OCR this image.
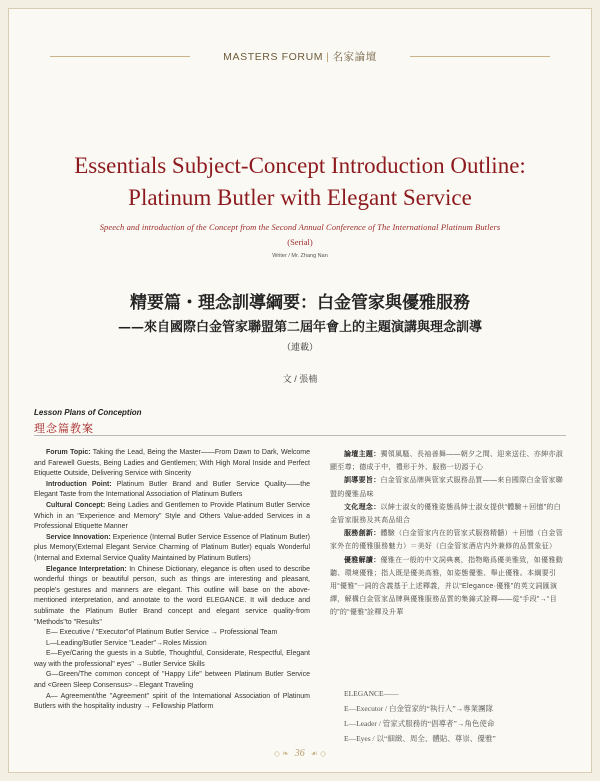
MASTERS FORUM | 名家論壇
Essentials Subject-Concept Introduction Outline:
Platinum Butler with Elegant Service
Speech and introduction of the Concept from the Second Annual Conference of The International Platinum Butlers
(Serial)
Writer / Mr. Zhang Nan
精要篇・理念訓導綱要：白金管家與優雅服務
——來自國際白金管家聯盟第二屆年會上的主題演講與理念訓導
（連載）
文 / 張楠
Lesson Plans of Conception
理念篇教案

Forum Topic: Taking the Lead, Being the Master——From Dawn to Dark, Welcome and Farewell Guests, Being Ladies and Gentlemen; With High Moral Inside and Perfect Etiquette Outside, Delivering Service with Sincerity

Introduction Point: Platinum Butler Brand and Butler Service Quality——the Elegant Taste from the International Association of Platinum Butlers

Cultural Concept: Being Ladies and Gentlemen to Provide Platinum Butler Service Which in an "Experience and Memory" Style and Others Value-added Services in a Professional Etiquette Manner

Service Innovation: Experience (Internal Butler Service Essence of Platinum Butler) plus Memory(External Elegant Service Charming of Platinum Butler) equals Wonderful (Internal and External Service Quality Maintained by Platinum Butlers)

Elegance Interpretation: In Chinese Dictionary, elegance is often used to describe wonderful things or beautiful person, such as things are interesting and pleasant, people's gestures and manners are elegant. This outline will base on the above-mentioned interpretation, and annotate to the word ELEGANCE. It will deduce and sublimate the Platinum Butler Brand concept and elegant service quality-from "Methods"to "Results"

E— Executive / "Executor"of Platinum Butler Service → Professional Team

L—Leading/Butler Service "Leader"→Roles Mission

E—Eye/Caring the guests in a Subtle, Thoughtful, Considerate, Respectful, Elegant way with the professional" eyes" →Butler Service Skills

G—Green/The common concept of "Happy Life" between Platinum Butler Service and <Green Sleep Consensus>→Elegant Traveling

A— Agreement/the "Agreement" spirit of the International Association of Platinum Butlers with the hospitality industry → Fellowship Platform

論壇主題：獨領風騷、長袖善舞——朝夕之間、迎來送往、亦紳亦淑顯至尊；德成于中，禮形于外、服務一切源于心

訓導要旨：白金管家品牌與管家式服務品質——來自國際白金管家聯盟的優雅品味

文化理念：以紳士淑女的優雅姿態爲紳士淑女提供“體驗＋回憶”的白金管家服務及其高品組合

服務創新：體驗（白金管家内在的管家式服務精髓）＋回憶（白金管家外在的優雅服務魅力）＝美好（白金管家酒店内外兼修的品質象征）

優雅解讀：優雅在一般的中文詞典裏，指物略爲優美雅致，如優雅動聽、環境優雅；指人既是優美高雅，如姿態優雅、舉止優雅。本綱要引用“優雅”一詞的含義基于上述釋義，并以“Elegance·優雅”的英文詞匯演繹，解構白金管家品牌與優雅服務品質的集錦式詮釋——從“手段”→“目的”的“優雅”詮釋及升華

ELEGANCE——
E—Executor / 白金管家的“執行人”→專業團隊
L—Leader / 管家式服務的“倡導者”→角色使命
E—Eyes / 以“細緻、周全、體貼、尊崇、優雅”
◇ ❧ 36 ☙ ◇
